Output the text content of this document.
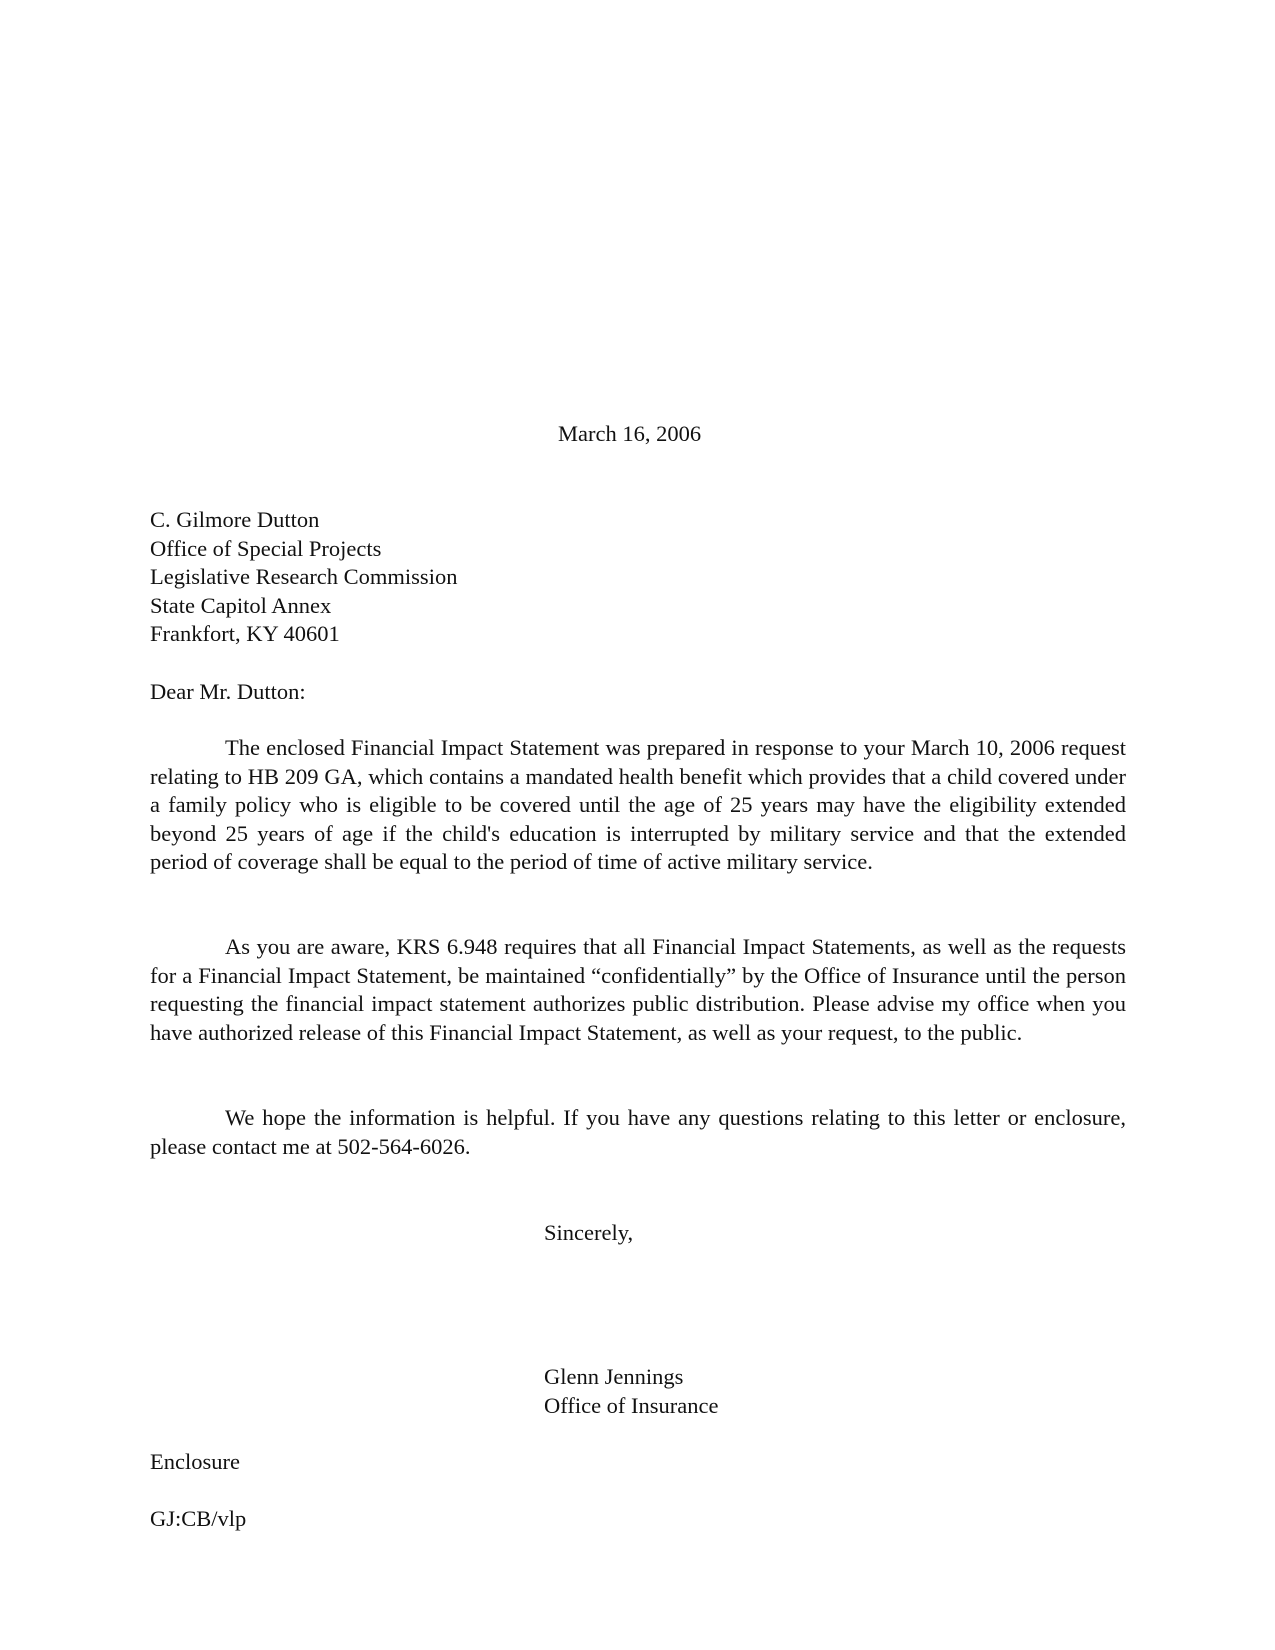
March 16, 2006
C. Gilmore Dutton
Office of Special Projects
Legislative Research Commission
State Capitol Annex
Frankfort, KY 40601
Dear Mr. Dutton:

The enclosed Financial Impact Statement was prepared in response to your March 10, 2006 request relating to HB 209 GA, which contains a mandated health benefit which provides that a child covered under a family policy who is eligible to be covered until the age of 25 years may have the eligibility extended beyond 25 years of age if the child's education is interrupted by military service and that the extended period of coverage shall be equal to the period of time of active military service.

As you are aware, KRS 6.948 requires that all Financial Impact Statements, as well as the requests for a Financial Impact Statement, be maintained “confidentially” by the Office of Insurance until the person requesting the financial impact statement authorizes public distribution. Please advise my office when you have authorized release of this Financial Impact Statement, as well as your request, to the public.

We hope the information is helpful. If you have any questions relating to this letter or enclosure, please contact me at 502-564-6026.

Sincerely,
Glenn Jennings
Office of Insurance
Enclosure
GJ:CB/vlp
